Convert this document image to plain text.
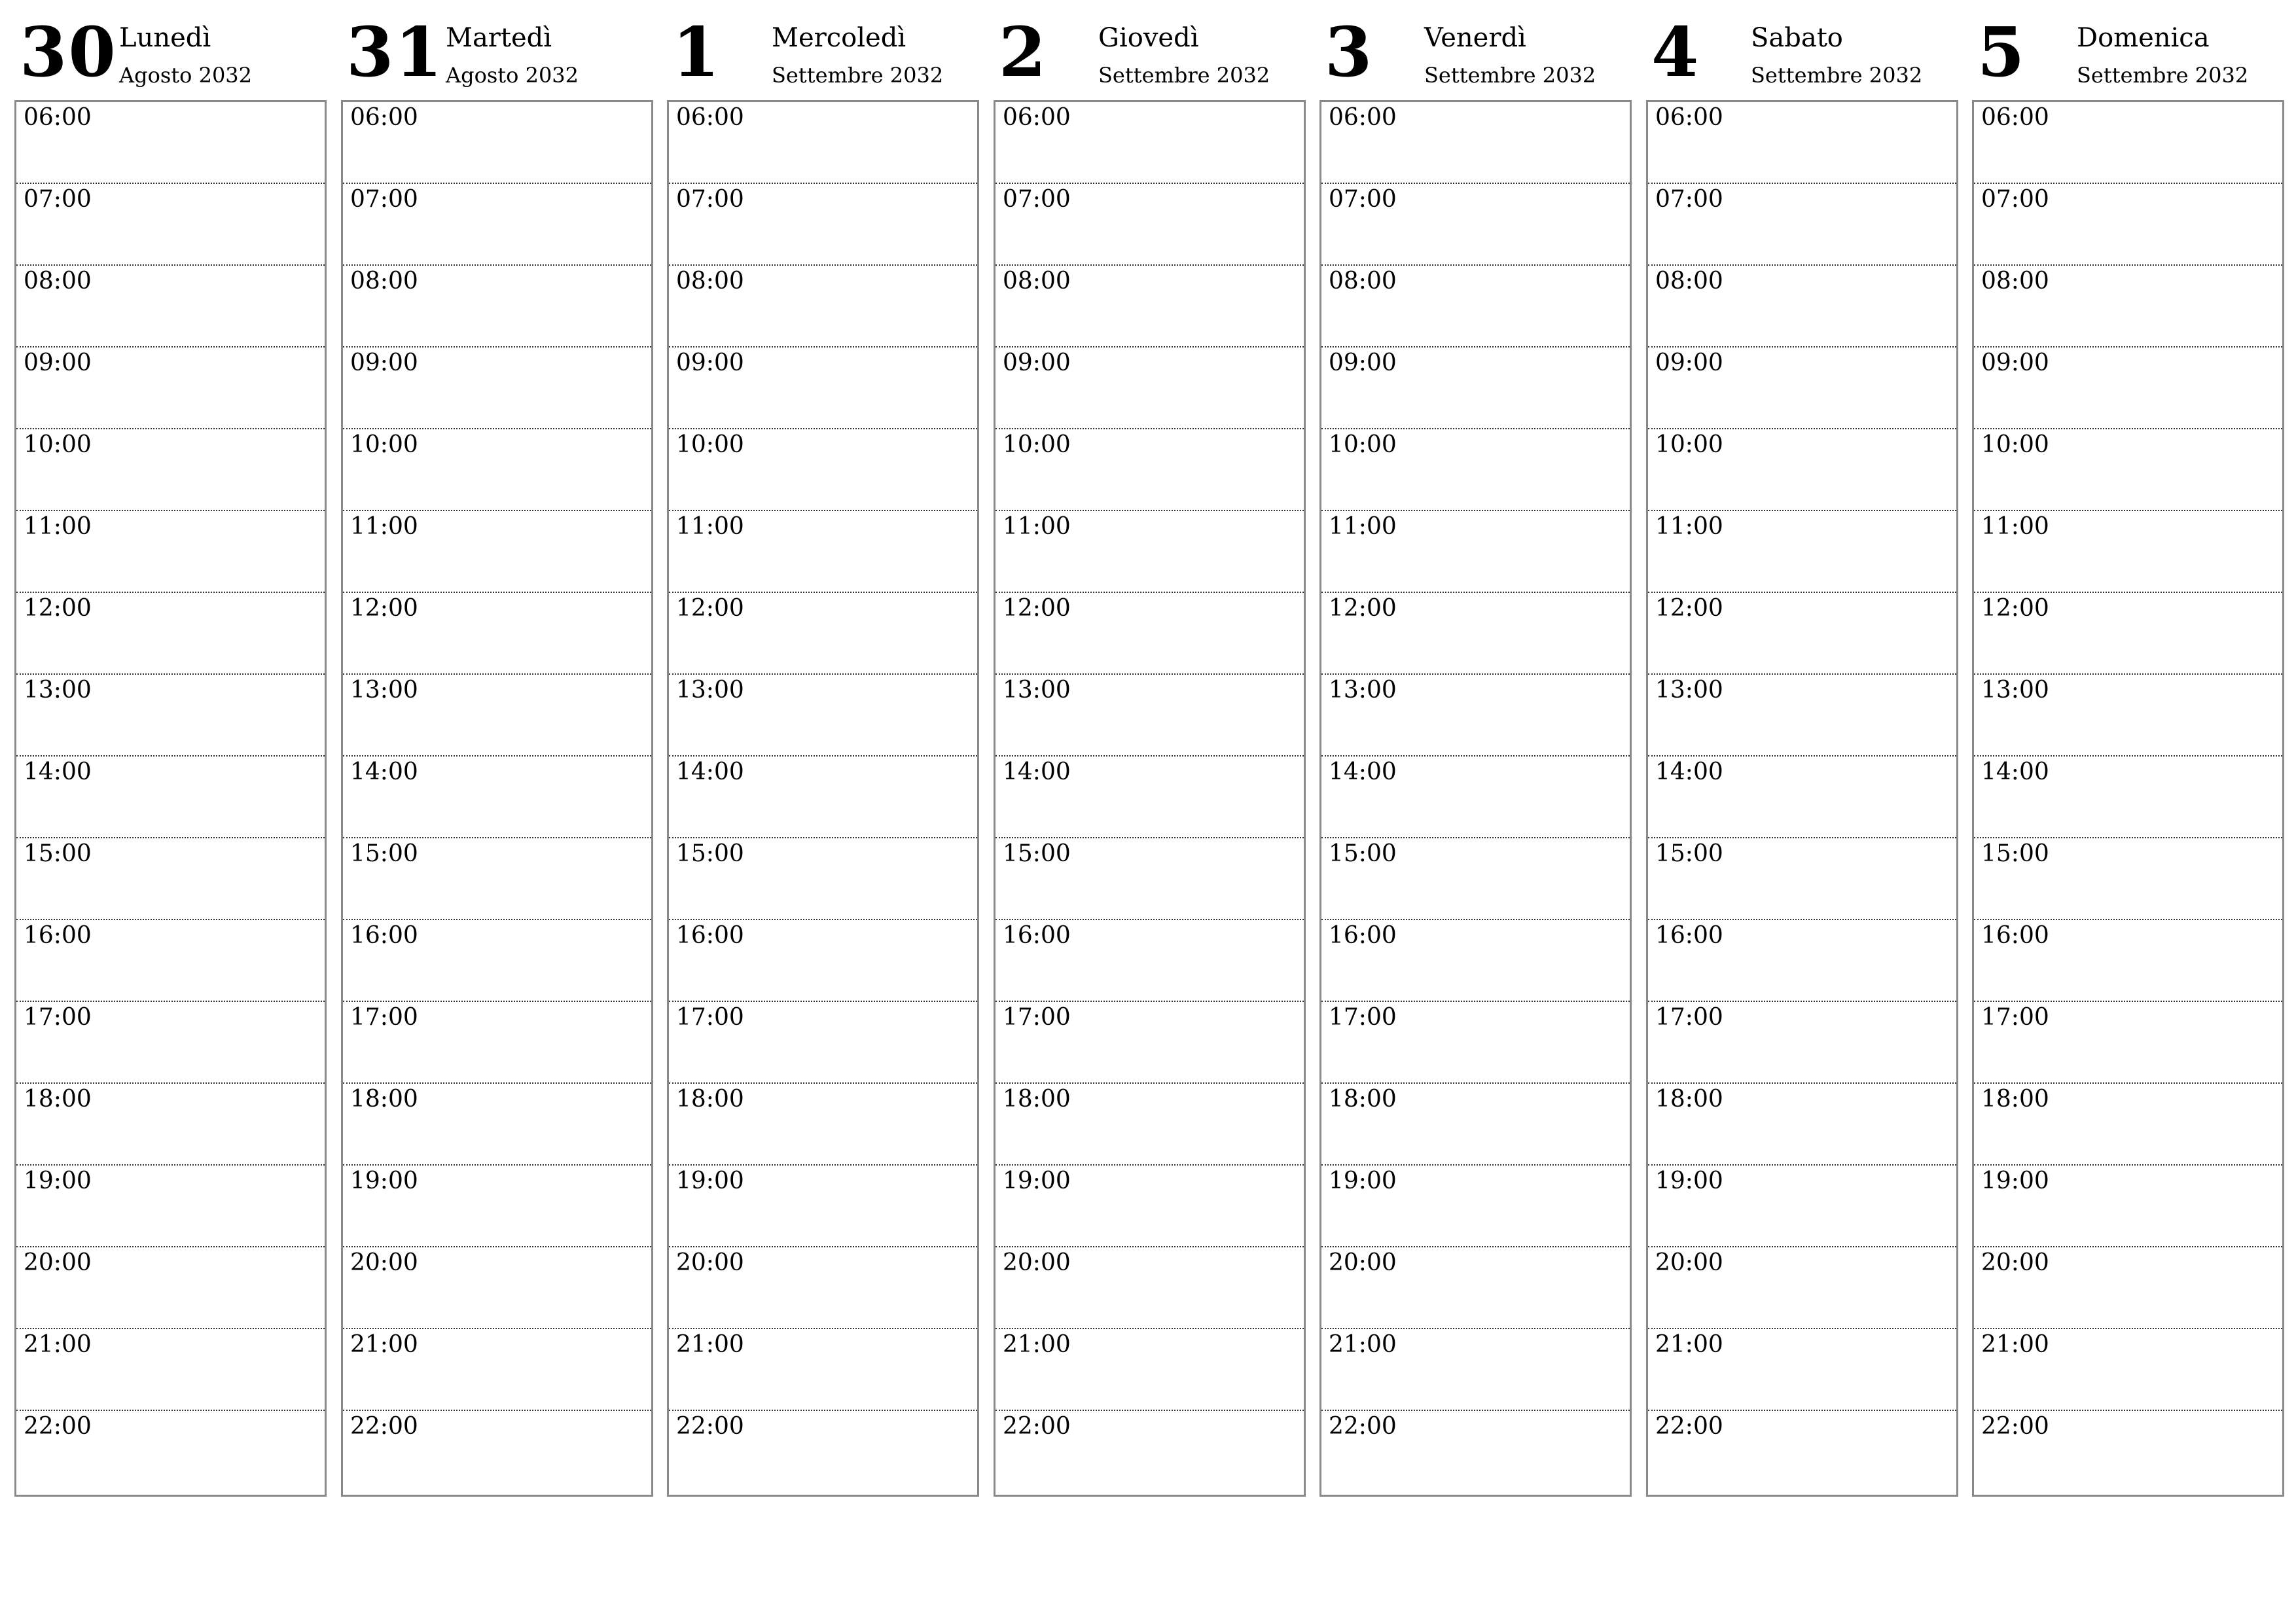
30 Lunedì
Agosto 2032
06:00
07:00
08:00
09:00
10:00
11:00
12:00
13:00
14:00
15:00
16:00
17:00
18:00
19:00
20:00
21:00
22:00
31 Martedì
Agosto 2032
06:00
07:00
08:00
09:00
10:00
11:00
12:00
13:00
14:00
15:00
16:00
17:00
18:00
19:00
20:00
21:00
22:00
1 Mercoledì
Settembre 2032
06:00
07:00
08:00
09:00
10:00
11:00
12:00
13:00
14:00
15:00
16:00
17:00
18:00
19:00
20:00
21:00
22:00
2 Giovedì
Settembre 2032
06:00
07:00
08:00
09:00
10:00
11:00
12:00
13:00
14:00
15:00
16:00
17:00
18:00
19:00
20:00
21:00
22:00
3 Venerdì
Settembre 2032
06:00
07:00
08:00
09:00
10:00
11:00
12:00
13:00
14:00
15:00
16:00
17:00
18:00
19:00
20:00
21:00
22:00
4 Sabato
Settembre 2032
06:00
07:00
08:00
09:00
10:00
11:00
12:00
13:00
14:00
15:00
16:00
17:00
18:00
19:00
20:00
21:00
22:00
5 Domenica
Settembre 2032
06:00
07:00
08:00
09:00
10:00
11:00
12:00
13:00
14:00
15:00
16:00
17:00
18:00
19:00
20:00
21:00
22:00
